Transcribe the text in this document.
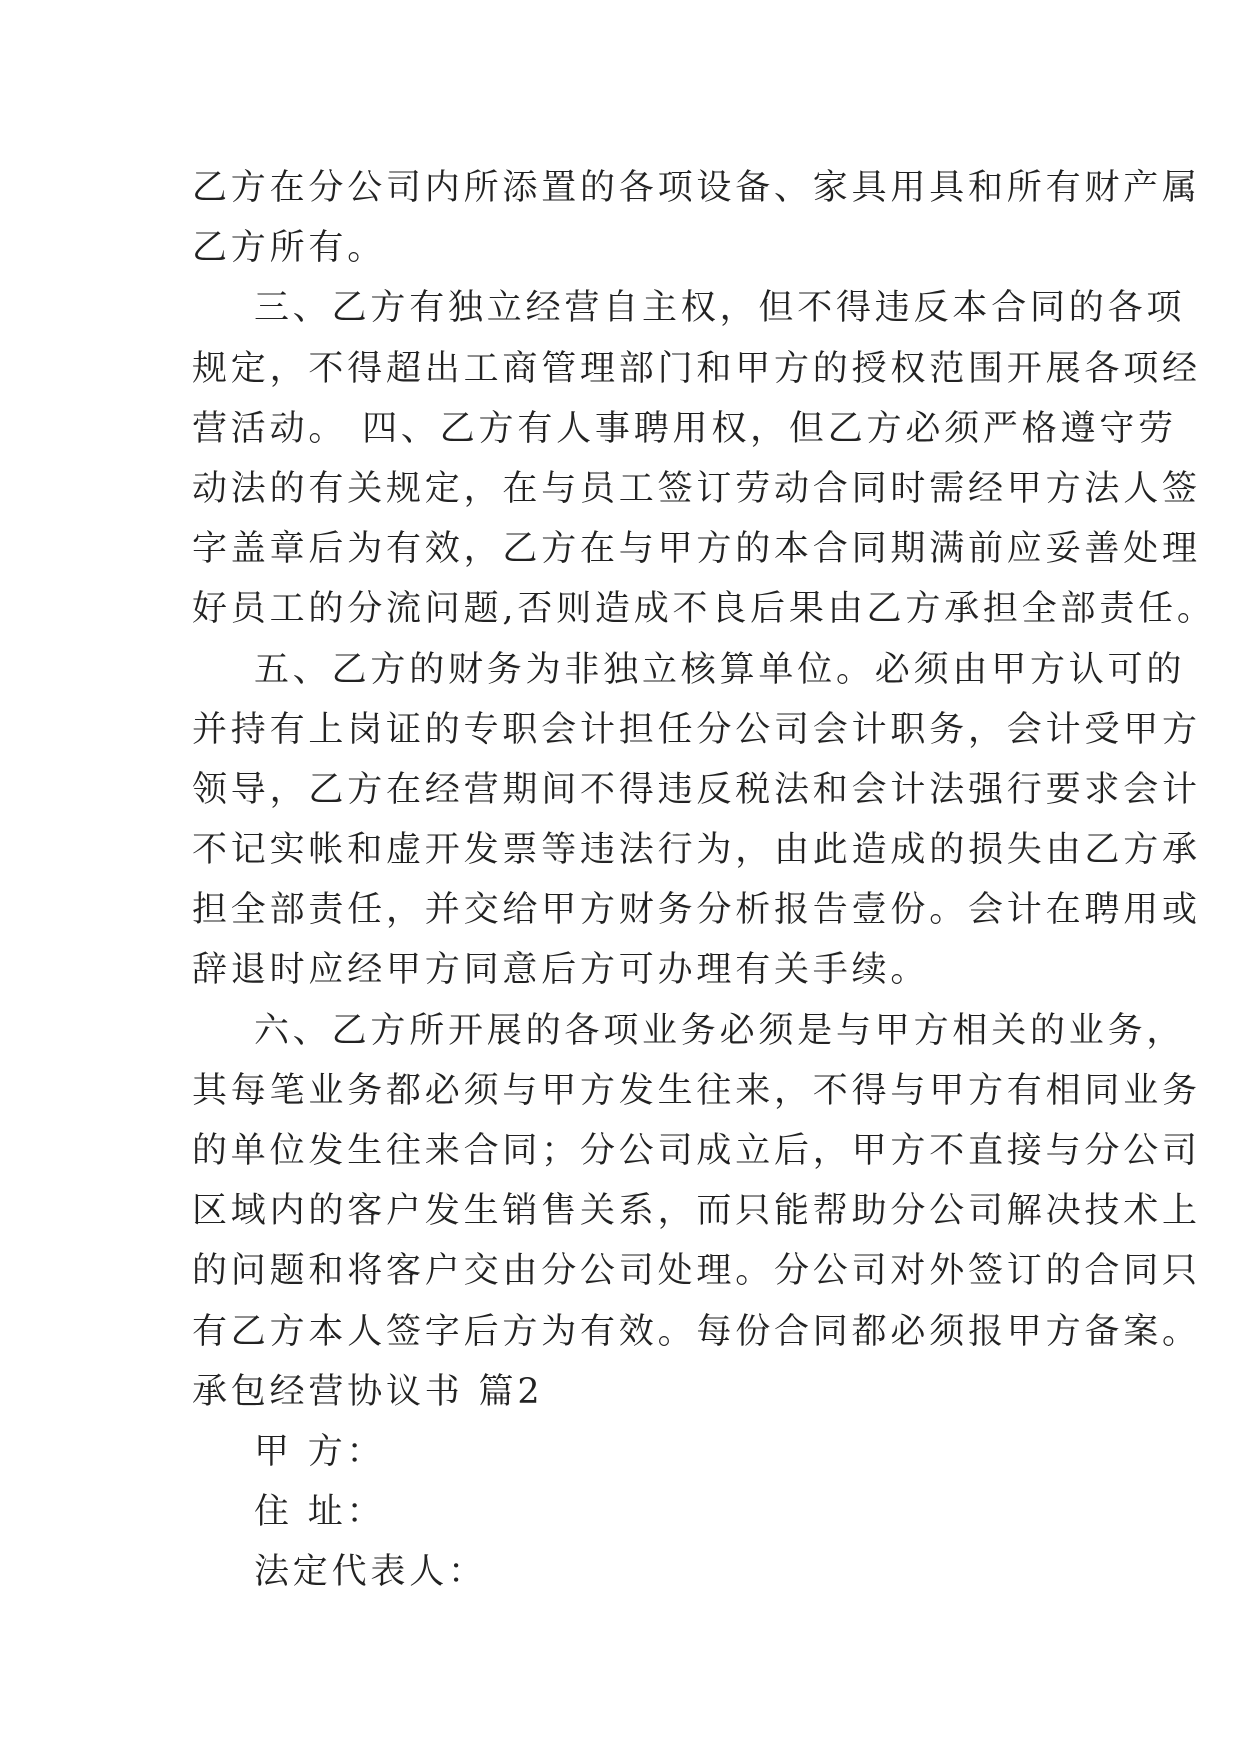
乙方在分公司内所添置的各项设备、家具用具和所有财产属
乙方所有。
三、乙方有独立经营自主权，但不得违反本合同的各项
规定，不得超出工商管理部门和甲方的授权范围开展各项经
营活动。 四、乙方有人事聘用权，但乙方必须严格遵守劳
动法的有关规定，在与员工签订劳动合同时需经甲方法人签
字盖章后为有效，乙方在与甲方的本合同期满前应妥善处理
好员工的分流问题,否则造成不良后果由乙方承担全部责任。
五、乙方的财务为非独立核算单位。必须由甲方认可的
并持有上岗证的专职会计担任分公司会计职务，会计受甲方
领导，乙方在经营期间不得违反税法和会计法强行要求会计
不记实帐和虚开发票等违法行为，由此造成的损失由乙方承
担全部责任，并交给甲方财务分析报告壹份。会计在聘用或
辞退时应经甲方同意后方可办理有关手续。
六、乙方所开展的各项业务必须是与甲方相关的业务，
其每笔业务都必须与甲方发生往来，不得与甲方有相同业务
的单位发生往来合同；分公司成立后，甲方不直接与分公司
区域内的客户发生销售关系，而只能帮助分公司解决技术上
的问题和将客户交由分公司处理。分公司对外签订的合同只
有乙方本人签字后方为有效。每份合同都必须报甲方备案。
承包经营协议书 篇2
甲 方：
住 址：
法定代表人：
